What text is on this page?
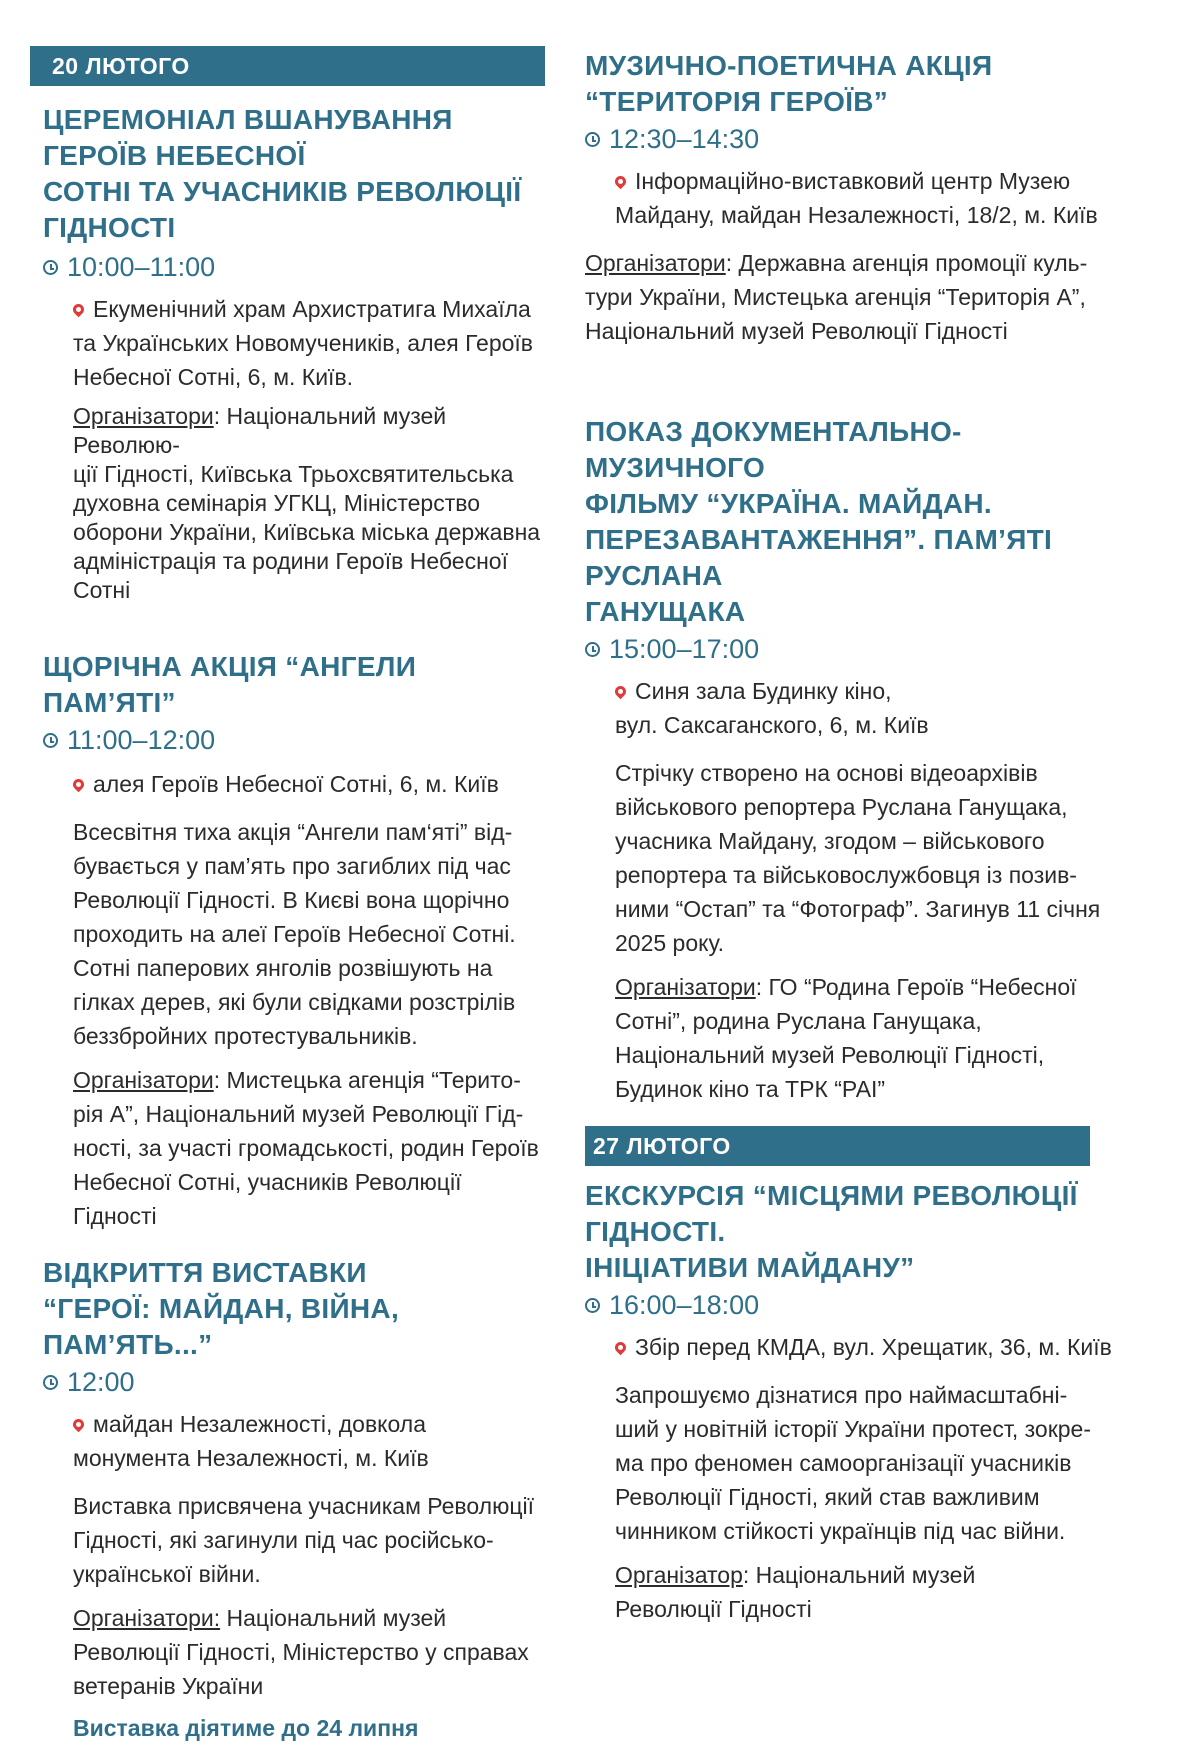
20 ЛЮТОГО
ЦЕРЕМОНІАЛ ВШАНУВАННЯ ГЕРОЇВ НЕБЕСНОЇ
СОТНІ ТА УЧАСНИКІВ РЕВОЛЮЦІЇ ГІДНОСТІ
10:00–11:00
Екуменічний храм Архистратига Михаїла
та Українських Новомучеників, алея Героїв
Небесної Сотні, 6, м. Київ.
Організатори: Національний музей Революю-
ції Гідності, Київська Трьохсвятительська
духовна семінарія УГКЦ, Міністерство
оборони України, Київська міська державна
адміністрація та родини Героїв Небесної
Сотні
ЩОРІЧНА АКЦІЯ “АНГЕЛИ ПАМ’ЯТІ”
11:00–12:00
алея Героїв Небесної Сотні, 6, м. Київ
Всесвітня тиха акція “Ангели пам‘яті” від-
бувається у пам’ять про загиблих під час
Революції Гідності. В Києві вона щорічно
проходить на алеї Героїв Небесної Сотні.
Сотні паперових янголів розвішують на
гілках дерев, які були свідками розстрілів
беззбройних протестувальників.
Організатори: Мистецька агенція “Терито-
рія А”, Національний музей Революції Гід-
ності, за участі громадськості, родин Героїв
Небесної Сотні, учасників Революції Гідності
ВІДКРИТТЯ ВИСТАВКИ
“ГЕРОЇ: МАЙДАН, ВІЙНА, ПАМ’ЯТЬ...”
12:00
майдан Незалежності, довкола
монумента Незалежності, м. Київ
Виставка присвячена учасникам Революції
Гідності, які загинули під час російсько-
української війни.
Організатори: Національний музей
Революції Гідності, Міністерство у справах
ветеранів України
Виставка діятиме до 24 липня
МУЗИЧНО-ПОЕТИЧНА АКЦІЯ
“ТЕРИТОРІЯ ГЕРОЇВ”
12:30–14:30
Інформаційно-виставковий центр Музею
Майдану, майдан Незалежності, 18/2, м. Київ
Організатори: Державна агенція промоції куль-
тури України, Мистецька агенція “Територія А”,
Національний музей Революції Гідності
ПОКАЗ ДОКУМЕНТАЛЬНО-МУЗИЧНОГО
ФІЛЬМУ “УКРАЇНА. МАЙДАН.
ПЕРЕЗАВАНТАЖЕННЯ”. ПАМ’ЯТІ РУСЛАНА
ГАНУЩАКА
15:00–17:00
Синя зала Будинку кіно,
вул. Саксаганского, 6, м. Київ
Стрічку створено на основі відеоархівів
військового репортера Руслана Ганущака,
учасника Майдану, згодом – військового
репортера та військовослужбовця із позив-
ними “Остап” та “Фотограф”. Загинув 11 січня
2025 року.
Організатори: ГО “Родина Героїв “Небесної
Сотні”, родина Руслана Ганущака,
Національний музей Революції Гідності,
Будинок кіно та ТРК “РАІ”
27 ЛЮТОГО
ЕКСКУРСІЯ “МІСЦЯМИ РЕВОЛЮЦІЇ ГІДНОСТІ.
ІНІЦІАТИВИ МАЙДАНУ”
16:00–18:00
Збір перед КМДА, вул. Хрещатик, 36, м. Київ
Запрошуємо дізнатися про наймасштабні-
ший у новітній історії України протест, зокре-
ма про феномен самоорганізації учасників
Революції Гідності, який став важливим
чинником стійкості українців під час війни.
Організатор: Національний музей
Революції Гідності
